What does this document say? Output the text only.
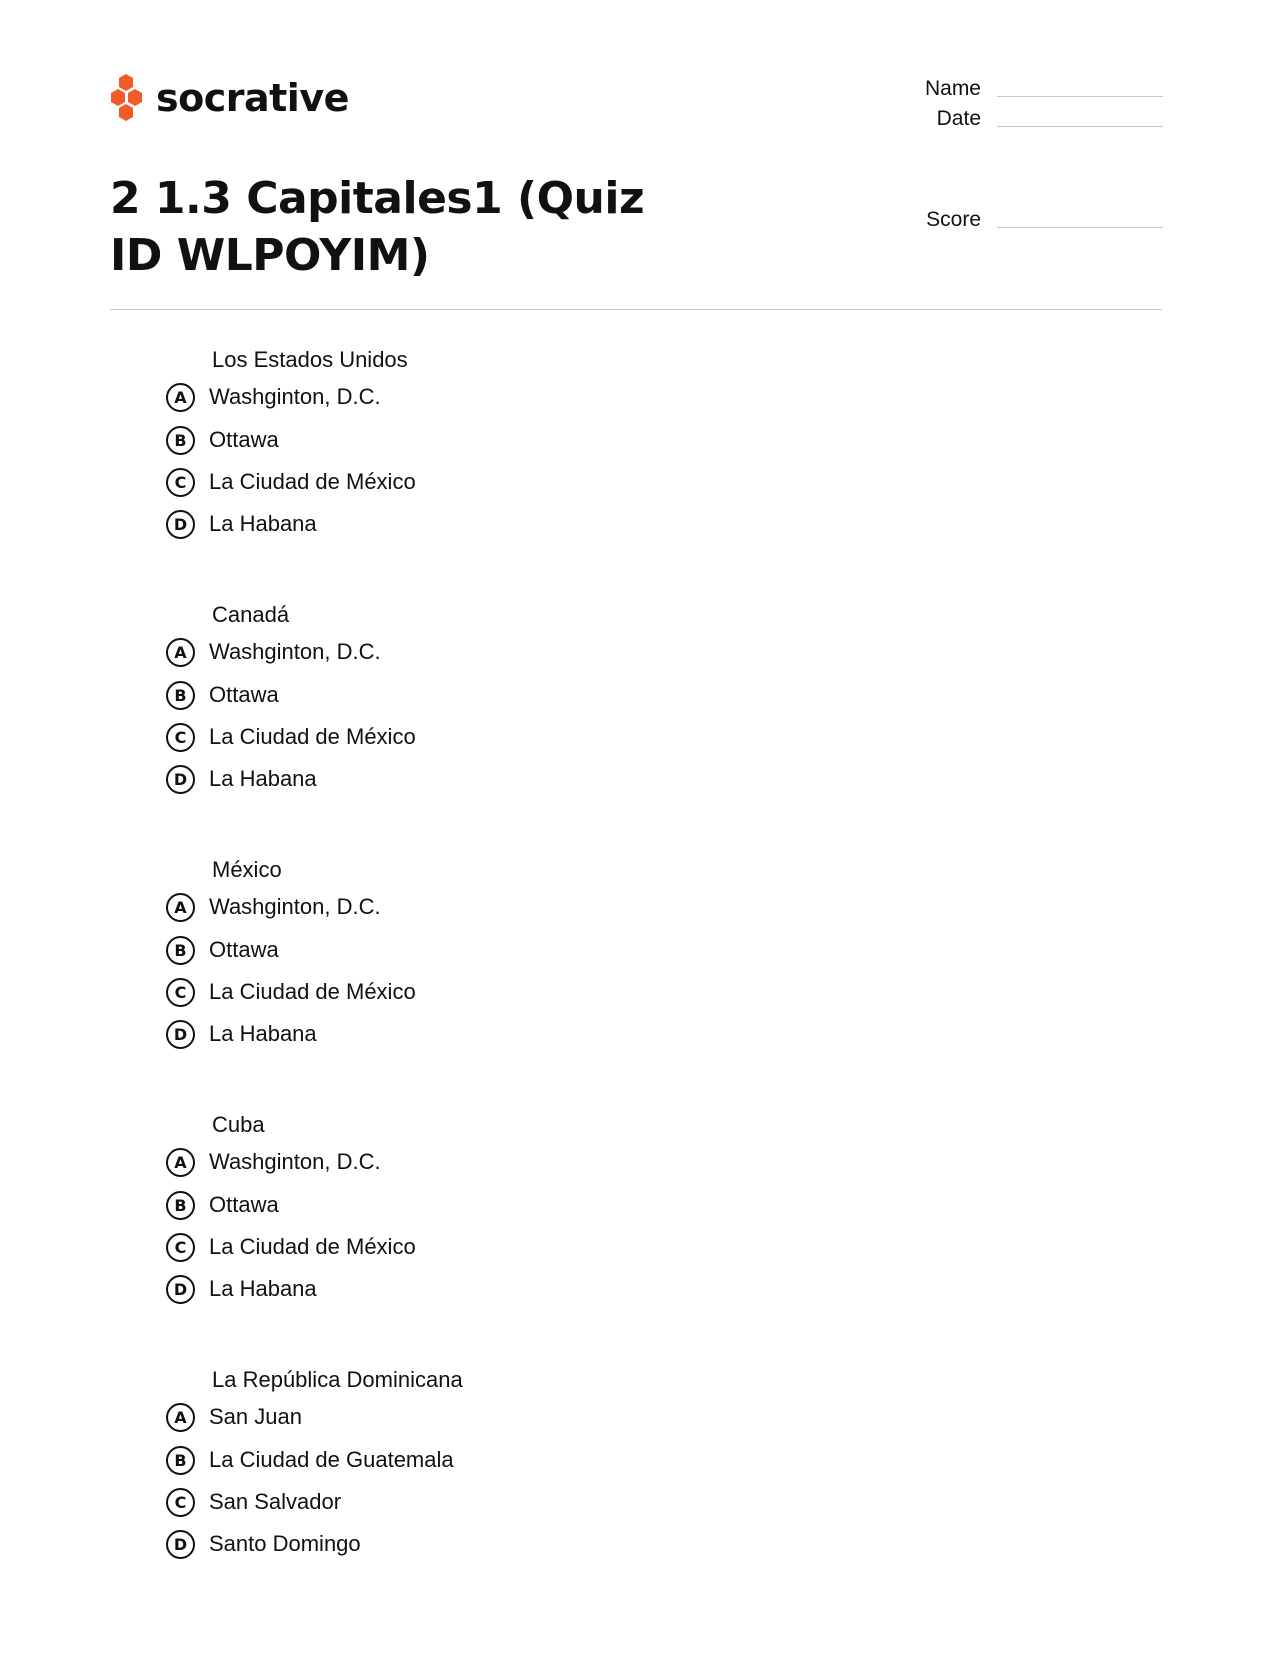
socrative	Name
Date
Score
2 1.3 Capitales1 (Quiz ID WLPOYIM)
Los Estados Unidos
A	Washginton, D.C.
B	Ottawa
C	La Ciudad de México
D La Habana
Canadá
A	Washginton, D.C.
B	Ottawa
C	La Ciudad de México
D La Habana
México
A	Washginton, D.C.
B	Ottawa
C	La Ciudad de México
D La Habana
Cuba
A	Washginton, D.C.
B	Ottawa
C	La Ciudad de México
D La Habana
La República Dominicana
A	San Juan
B	La Ciudad de Guatemala
C	San Salvador
D Santo Domingo
